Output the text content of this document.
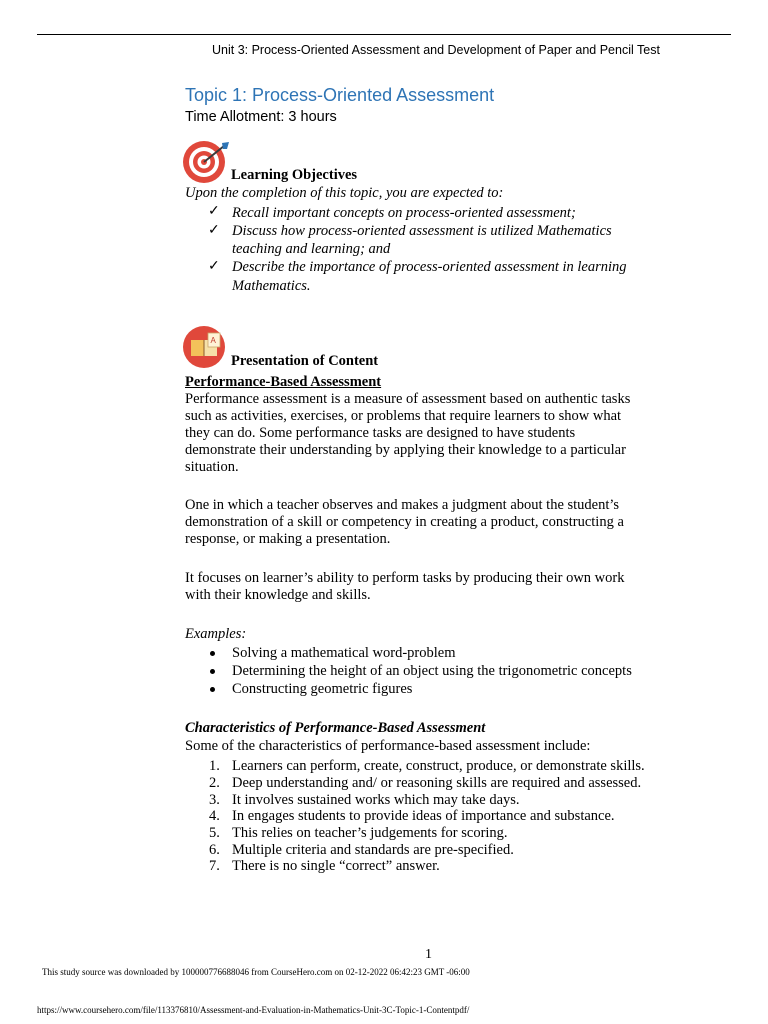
Unit 3: Process-Oriented Assessment and Development of Paper and Pencil Test
Topic 1: Process-Oriented Assessment
Time Allotment: 3 hours
Learning Objectives
Upon the completion of this topic, you are expected to:
✓ Recall important concepts on process-oriented assessment;
✓ Discuss how process-oriented assessment is utilized Mathematics
teaching and learning; and
✓ Describe the importance of process-oriented assessment in learning
Mathematics.
A
Presentation of Content
Performance-Based Assessment
Performance assessment is a measure of assessment based on authentic tasks
such as activities, exercises, or problems that require learners to show what
they can do. Some performance tasks are designed to have students
demonstrate their understanding by applying their knowledge to a particular
situation.
One in which a teacher observes and makes a judgment about the student’s
demonstration of a skill or competency in creating a product, constructing a
response, or making a presentation.
It focuses on learner’s ability to perform tasks by producing their own work
with their knowledge and skills.
Examples:
Solving a mathematical word-problem
Determining the height of an object using the trigonometric concepts
Constructing geometric figures
Characteristics of Performance-Based Assessment
Some of the characteristics of performance-based assessment include:
1. Learners can perform, create, construct, produce, or demonstrate skills.
2. Deep understanding and/ or reasoning skills are required and assessed.
3. It involves sustained works which may take days.
4. In engages students to provide ideas of importance and substance.
5. This relies on teacher’s judgements for scoring.
6. Multiple criteria and standards are pre-specified.
7. There is no single “correct” answer.
1
This study source was downloaded by 100000776688046 from CourseHero.com on 02-12-2022 06:42:23 GMT -06:00
https://www.coursehero.com/file/113376810/Assessment-and-Evaluation-in-Mathematics-Unit-3C-Topic-1-Contentpdf/
